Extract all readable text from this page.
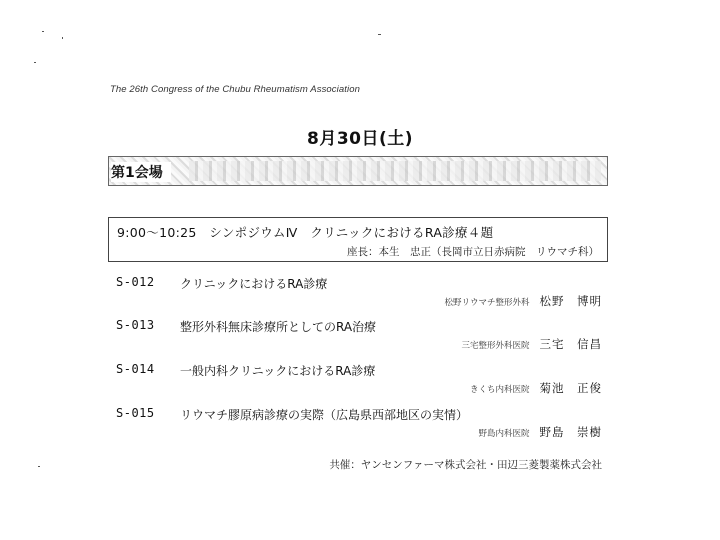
The 26th Congress of the Chubu Rheumatism Association
8月30日(土)
第1会場
9:00〜10:25　シンポジウムⅣ　クリニックにおけるRA診療４題
座長：本生　忠正（長岡市立日赤病院　リウマチ科）
S-012 クリニックにおけるRA診療
松野リウマチ整形外科 松野　博明
S-013 整形外科無床診療所としてのRA治療
三宅整形外科医院 三宅　信昌
S-014 一般内科クリニックにおけるRA診療
きくち内科医院 菊池　正俊
S-015 リウマチ膠原病診療の実際（広島県西部地区の実情）
野島内科医院 野島　崇樹
共催：ヤンセンファーマ株式会社・田辺三菱製薬株式会社
